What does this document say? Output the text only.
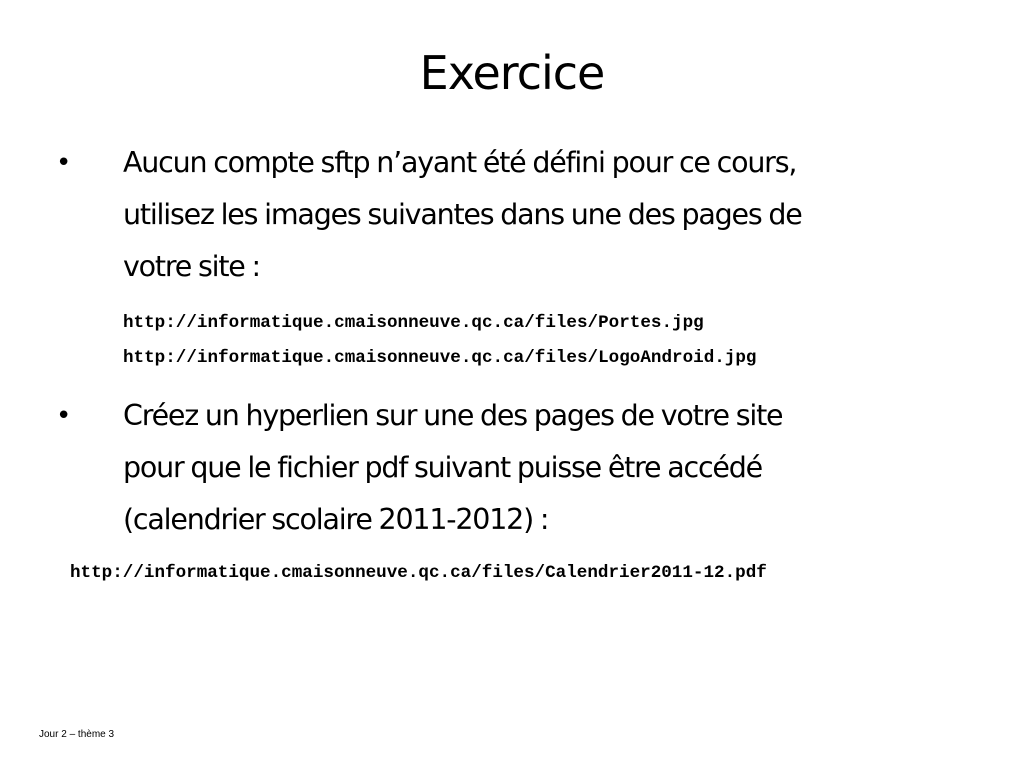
Exercice
• Aucun compte sftp n’ayant été défini pour ce cours,
utilisez les images suivantes dans une des pages de
votre site :

http://informatique.cmaisonneuve.qc.ca/files/Portes.jpg
http://informatique.cmaisonneuve.qc.ca/files/LogoAndroid.jpg
• Créez un hyperlien sur une des pages de votre site
pour que le fichier pdf suivant puisse être accédé
(calendrier scolaire 2011-2012) :

http://informatique.cmaisonneuve.qc.ca/files/Calendrier2011-12.pdf
Jour 2 – thème 3
